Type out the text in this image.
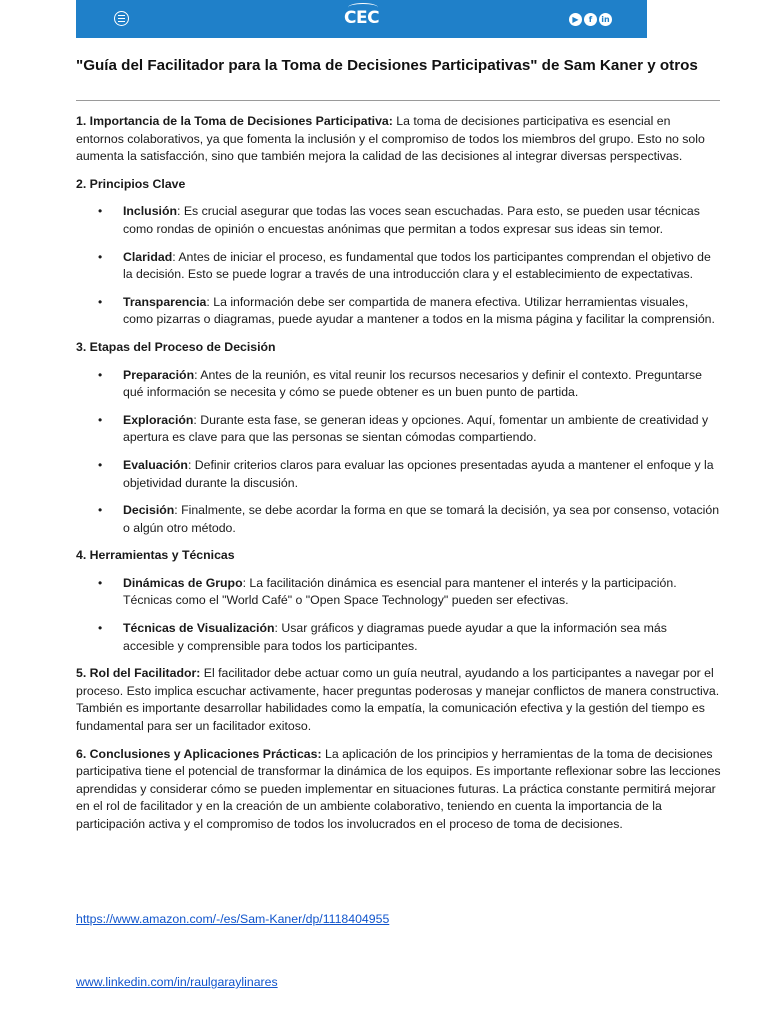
CEC	▶	f	in
"Guía del Facilitador para la Toma de Decisiones Participativas" de Sam Kaner y otros

1. Importancia de la Toma de Decisiones Participativa: La toma de decisiones participativa es esencial en entornos colaborativos, ya que fomenta la inclusión y el compromiso de todos los miembros del grupo. Esto no solo aumenta la satisfacción, sino que también mejora la calidad de las decisiones al integrar diversas perspectivas.

2. Principios Clave
• Inclusión: Es crucial asegurar que todas las voces sean escuchadas. Para esto, se pueden usar técnicas como rondas de opinión o encuestas anónimas que permitan a todos expresar sus ideas sin temor.
• Claridad: Antes de iniciar el proceso, es fundamental que todos los participantes comprendan el objetivo de la decisión. Esto se puede lograr a través de una introducción clara y el establecimiento de expectativas.
• Transparencia: La información debe ser compartida de manera efectiva. Utilizar herramientas visuales, como pizarras o diagramas, puede ayudar a mantener a todos en la misma página y facilitar la comprensión.
3. Etapas del Proceso de Decisión
• Preparación: Antes de la reunión, es vital reunir los recursos necesarios y definir el contexto. Preguntarse qué información se necesita y cómo se puede obtener es un buen punto de partida.
• Exploración: Durante esta fase, se generan ideas y opciones. Aquí, fomentar un ambiente de creatividad y apertura es clave para que las personas se sientan cómodas compartiendo.
• Evaluación: Definir criterios claros para evaluar las opciones presentadas ayuda a mantener el enfoque y la objetividad durante la discusión.
• Decisión: Finalmente, se debe acordar la forma en que se tomará la decisión, ya sea por consenso, votación o algún otro método.
4. Herramientas y Técnicas
• Dinámicas de Grupo: La facilitación dinámica es esencial para mantener el interés y la participación. Técnicas como el "World Café" o "Open Space Technology" pueden ser efectivas.
• Técnicas de Visualización: Usar gráficos y diagramas puede ayudar a que la información sea más accesible y comprensible para todos los participantes.

5. Rol del Facilitador: El facilitador debe actuar como un guía neutral, ayudando a los participantes a navegar por el proceso. Esto implica escuchar activamente, hacer preguntas poderosas y manejar conflictos de manera constructiva. También es importante desarrollar habilidades como la empatía, la comunicación efectiva y la gestión del tiempo es fundamental para ser un facilitador exitoso.

6. Conclusiones y Aplicaciones Prácticas: La aplicación de los principios y herramientas de la toma de decisiones participativa tiene el potencial de transformar la dinámica de los equipos. Es importante reflexionar sobre las lecciones aprendidas y considerar cómo se pueden implementar en situaciones futuras. La práctica constante permitirá mejorar en el rol de facilitador y en la creación de un ambiente colaborativo, teniendo en cuenta la importancia de la participación activa y el compromiso de todos los involucrados en el proceso de toma de decisiones.

https://www.amazon.com/-/es/Sam-Kaner/dp/1118404955
www.linkedin.com/in/raulgaraylinares
